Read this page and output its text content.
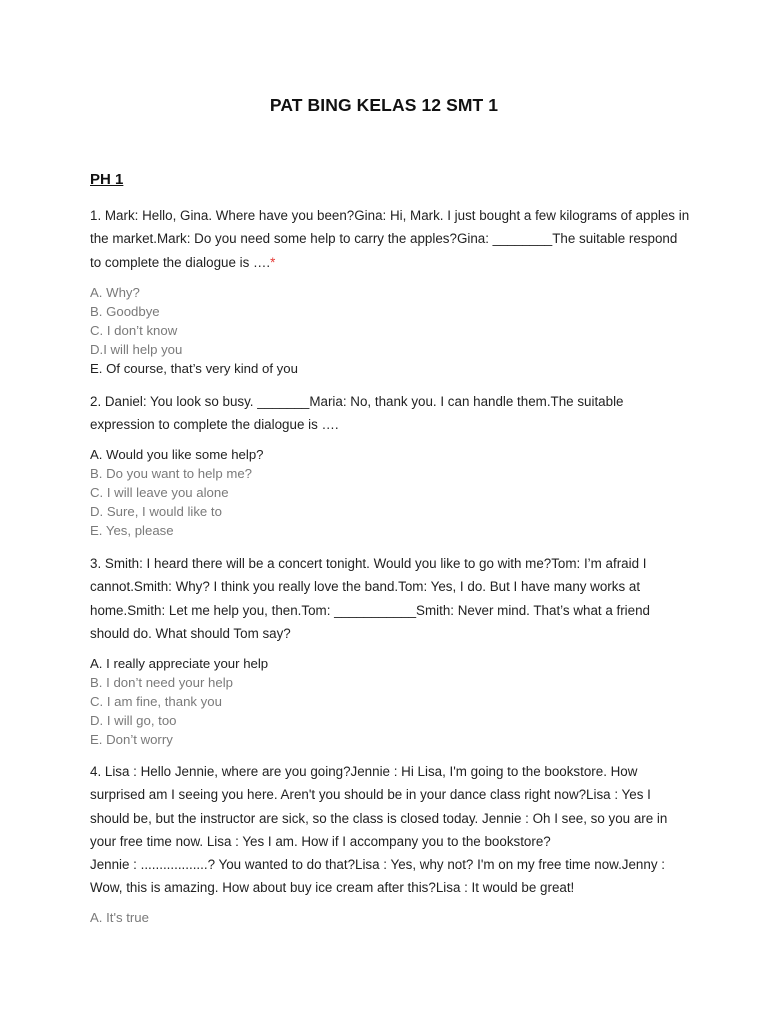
PAT BING KELAS 12 SMT 1
PH 1
1. Mark: Hello, Gina. Where have you been?Gina: Hi, Mark. I just bought a few kilograms of apples in the market.Mark: Do you need some help to carry the apples?Gina: ________The suitable respond to complete the dialogue is ….*
A. Why?
B. Goodbye
C. I don’t know
D.I will help you
E. Of course, that’s very kind of you
2. Daniel: You look so busy. _______Maria: No, thank you. I can handle them.The suitable expression to complete the dialogue is ….
A. Would you like some help?
B. Do you want to help me?
C. I will leave you alone
D. Sure, I would like to
E. Yes, please
3. Smith: I heard there will be a concert tonight. Would you like to go with me?Tom: I’m afraid I cannot.Smith: Why? I think you really love the band.Tom: Yes, I do. But I have many works at home.Smith: Let me help you, then.Tom: ___________Smith: Never mind. That’s what a friend should do. What should Tom say?
A. I really appreciate your help
B. I don’t need your help
C. I am fine, thank you
D. I will go, too
E. Don’t worry
4. Lisa : Hello Jennie, where are you going?Jennie : Hi Lisa, I'm going to the bookstore. How surprised am I seeing you here. Aren't you should be in your dance class right now?Lisa : Yes I should be, but the instructor are sick, so the class is closed today. Jennie : Oh I see, so you are in your free time now. Lisa : Yes I am. How if I accompany you to the bookstore?
Jennie : ..................? You wanted to do that?Lisa : Yes, why not? I'm on my free time now.Jenny : Wow, this is amazing. How about buy ice cream after this?Lisa : It would be great!
A. It's true
